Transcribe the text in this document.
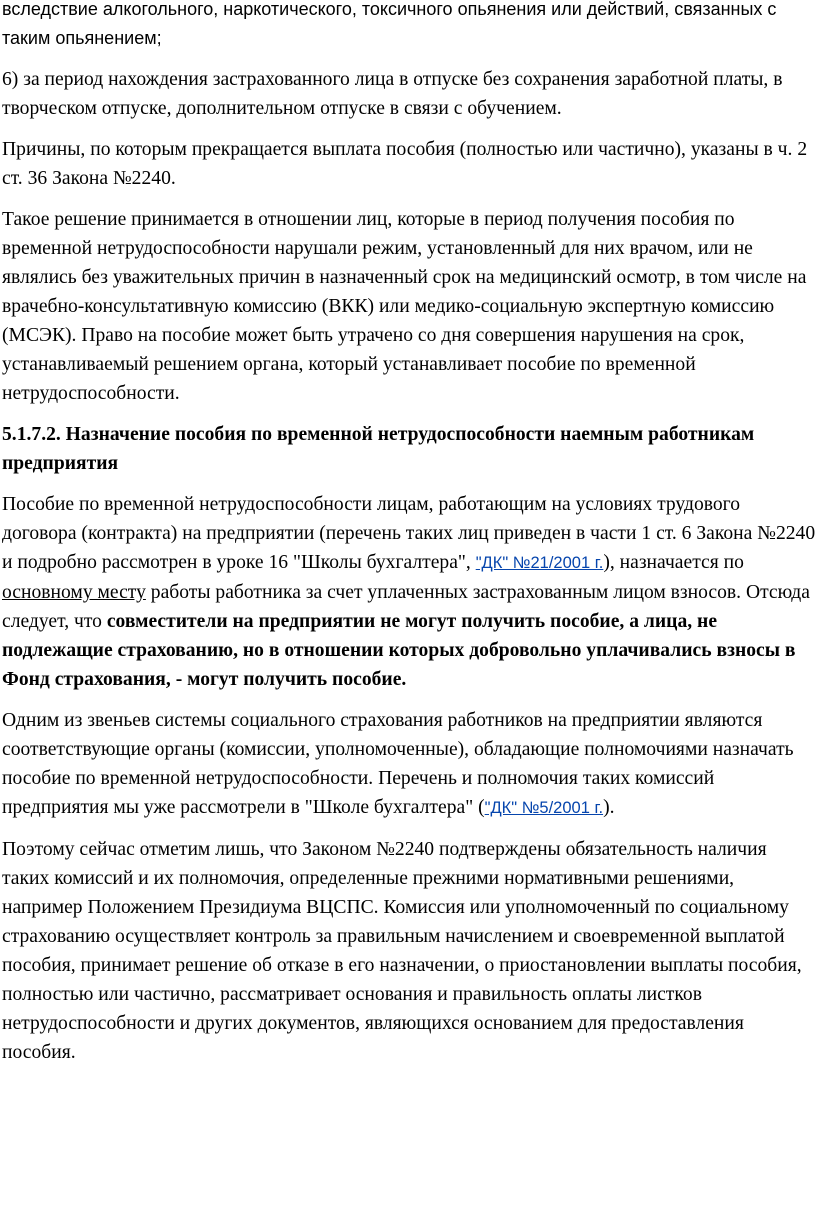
вследствие алкогольного, наркотического, токсичного опьянения или действий, связанных с таким опьянением;

6) за период нахождения застрахованного лица в отпуске без сохранения заработной платы, в творческом отпуске, дополнительном отпуске в связи с обучением.

Причины, по которым прекращается выплата пособия (полностью или частично), указаны в ч. 2 ст. 36 Закона №2240.

Такое решение принимается в отношении лиц, которые в период получения пособия по временной нетрудоспособности нарушали режим, установленный для них врачом, или не являлись без уважительных причин в назначенный срок на медицинский осмотр, в том числе на врачебно-консультативную комиссию (ВКК) или медико-социальную экспертную комиссию (МСЭК). Право на пособие может быть утрачено со дня совершения нарушения на срок, устанавливаемый решением органа, который устанавливает пособие по временной нетрудоспособности.

5.1.7.2. Назначение пособия по временной нетрудоспособности наемным работникам предприятия

Пособие по временной нетрудоспособности лицам, работающим на условиях трудового договора (контракта) на предприятии (перечень таких лиц приведен в части 1 ст. 6 Закона №2240 и подробно рассмотрен в уроке 16 "Школы бухгалтера", "ДК" №21/2001 г.), назначается по основному месту работы работника за счет уплаченных застрахованным лицом взносов. Отсюда следует, что совместители на предприятии не могут получить пособие, а лица, не подлежащие страхованию, но в отношении которых добровольно уплачивались взносы в Фонд страхования, - могут получить пособие.

Одним из звеньев системы социального страхования работников на предприятии являются соответствующие органы (комиссии, уполномоченные), обладающие полномочиями назначать пособие по временной нетрудоспособности. Перечень и полномочия таких комиссий предприятия мы уже рассмотрели в "Школе бухгалтера" ("ДК" №5/2001 г.).

Поэтому сейчас отметим лишь, что Законом №2240 подтверждены обязательность наличия таких комиссий и их полномочия, определенные прежними нормативными решениями, например Положением Президиума ВЦСПС. Комиссия или уполномоченный по социальному страхованию осуществляет контроль за правильным начислением и своевременной выплатой пособия, принимает решение об отказе в его назначении, о приостановлении выплаты пособия, полностью или частично, рассматривает основания и правильность оплаты листков нетрудоспособности и других документов, являющихся основанием для предоставления пособия.
